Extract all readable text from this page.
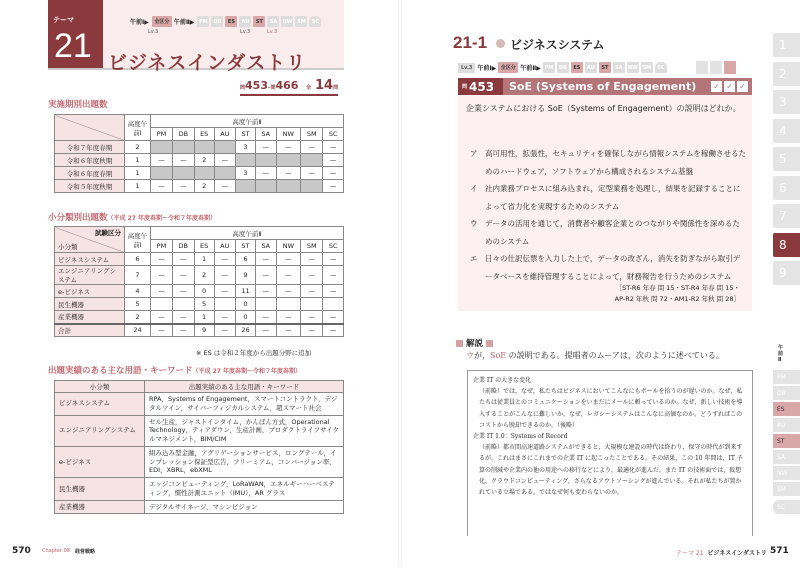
テーマ
21
午前Ⅰ▶	全区分 午前Ⅱ▶ PM	DB	ES	AU	ST	SA	NW SM	SC
Lv.3	Lv.3	Lv.3
ビジネスインダストリ
問453–問466 全 14問
実施期別出題数
	高度午前Ⅰ	高度午前Ⅱ								
		PM	DB	ES	AU	ST	SA	NW	SM	SC
令和７年度春期	2					3	—	—	—	—
令和６年度秋期	1	—	—	2	—					—
令和６年度春期	1					3	—	—	—	—
令和５年度秋期	1	—	—	2	—					—
小分類別出題数（平成 27 年度春期～令和７年度春期）
試験区分
小分類	高度午前Ⅰ	高度午前Ⅱ								
		PM	DB	ES	AU	ST	SA	NW	SM	SC
ビジネスシステム	6	—	—	1	—	6	—	—	—	—
エンジニアリングシステム	7	—	—	2	—	9	—	—	—	—
e-ビジネス	4	—	—	0	—	11	—	—	—	—
民生機器	5			5		0				
産業機器	2	—	—	1	—	0	—	—	—	—
合計	24	—	—	9	—	26	—	—	—	—
※ ES は令和２年度から出題分野に追加
出題実績のある主な用語・キーワード（平成 27 年度春期～令和７年度春期）
小分類	出題実績のある主な用語・キーワード
ビジネスシステム	RPA，Systems of Engagement，スマートコントラクト，デジタルツイン，サイバーフィジカルシステム，超スマート社会
エンジニアリングシステム	セル生産，ジャストインタイム，かんばん方式，Operational Technology，ティアダウン，生産計画，プロダクトライフサイクルマネジメント，BIM/CIM
e-ビジネス	組み込み型金融，アグリゲーションサービス，ロングテール，インプレッション保証型広告，フリーミアム，コンバージョン率，EDI，XBRL，ebXML
民生機器	エッジコンピューティング，LoRaWAN，エネルギーハーベスティング，慣性計測ユニット（IMU），AR グラス
産業機器	デジタルサイネージ，マシンビジョン
570 Chapter 08 経営戦略
21-1 ビジネスシステム
Lv.3 午前Ⅰ▶ 全区分 午前Ⅱ▶ PM	DB	ES	AU	ST	SA	NW SM	SC
問 453	SoE (Systems of Engagement)	✓ ✓ ✓
企業システムにおける SoE（Systems of Engagement）の説明はどれか。
ア	高可用性，拡張性，セキュリティを確保しながら情報システムを稼働させるためのハードウェア，ソフトウェアから構成されるシステム基盤
イ	社内業務プロセスに組み込まれ，定型業務を処理し，結果を記録することによって省力化を実現するためのシステム
ウ	データの活用を通じて，消費者や顧客企業とのつながりや関係性を深めるためのシステム
エ	日々の仕訳伝票を入力した上で，データの改ざん，消失を防ぎながら取引データベースを維持管理することによって，財務報告を行うためのシステム
［ST-R6 年春 問 15・ST-R4 年春 問 15・
AP-R2 年秋 問 72・AM1-R2 年秋 問 28］
解説
ウが，SoE の説明である。提唱者のムーアは，次のように述べている。
企業 IT の大きな変化
（前略）では，なぜ，私たちはビジネスにおいてこんなにもボールを拾うのが遅いのか。なぜ，私たちは従業員とのコミュニケーションをいまだにメールに頼っているのか。なぜ，新しい技術を導入することがこんなに難しいか。なぜ，レガシーシステムはこんなに高価なのか。どうすればこのコストから脱却できるのか。（後略）
企業 IT 1.0：Systems of Record
（前略）都市間高速道路システムができると，大規模な建設の時代は終わり，保守の時代が到来するが，これはまさにこれまでの企業 IT に起こったことである。その結果，この 10 年間は，IT 予算の削減や企業内の他の用途への移行などにより，最適化が進んだ。また IT の技術面では，仮想化，クラウドコンピューティング，さらなるアウトソーシングが進んでいる。それが私たちが置かれている立場である。ではなぜ何も変わらないのか。
テーマ 21 ビジネスインダストリ 571
1
2
3
4
5
6
7
8
9
午前Ⅱ
PM
DB
ES
AU
ST
SA
NW
SM
SC
